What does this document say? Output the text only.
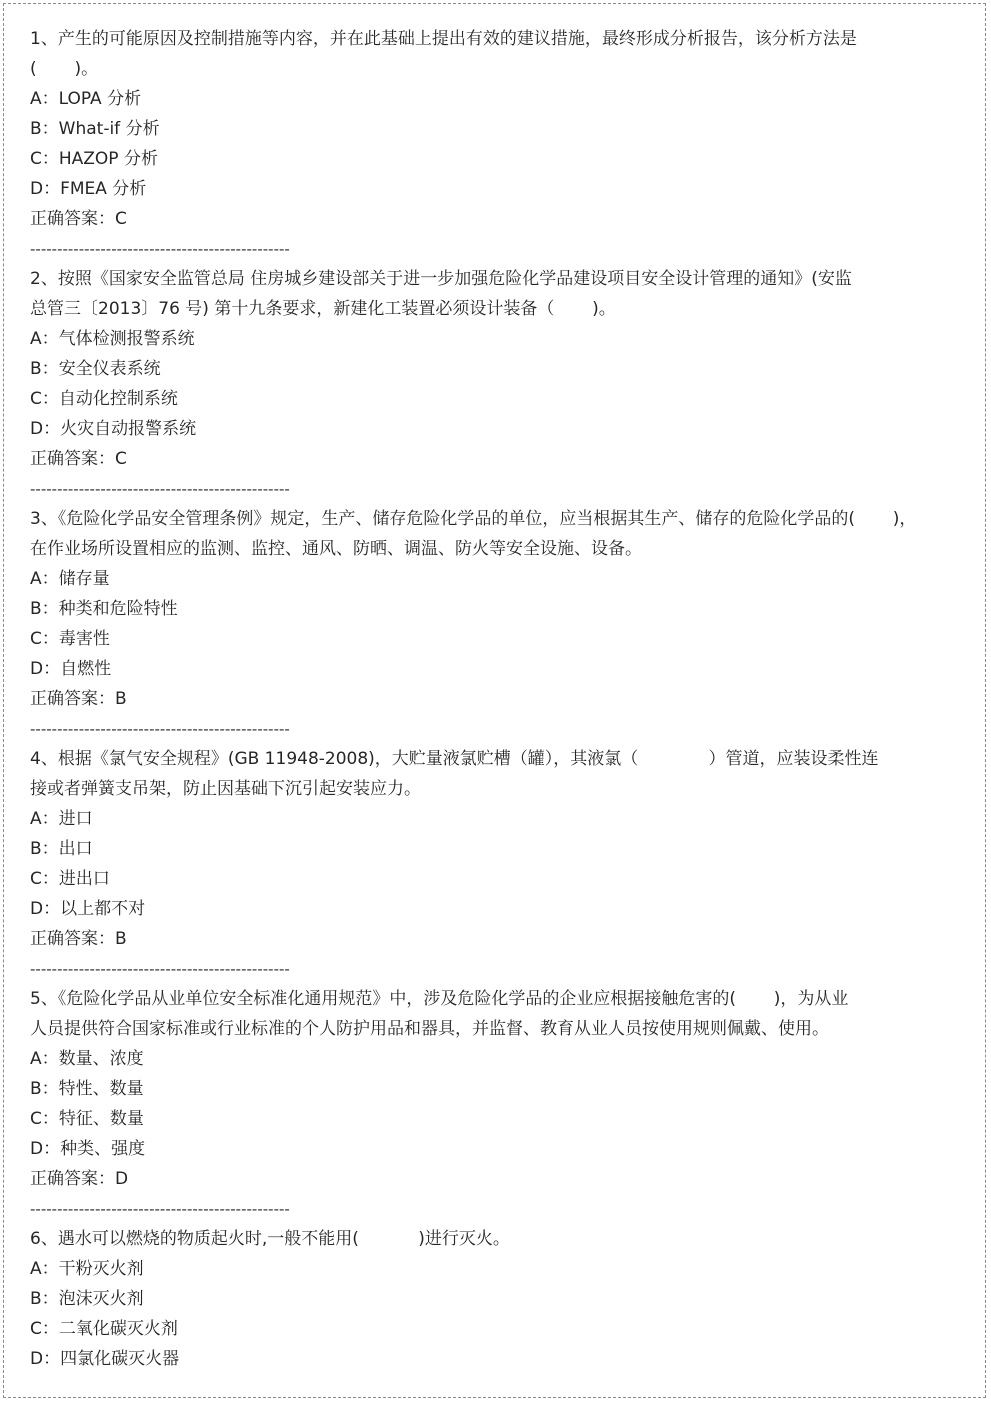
1、产生的可能原因及控制措施等内容，并在此基础上提出有效的建议措施，最终形成分析报告，该分析方法是
(       )。
A：LOPA 分析
B：What-if 分析
C：HAZOP 分析
D：FMEA 分析
正确答案：C
------------------------------------------------
2、按照《国家安全监管总局 住房城乡建设部关于进一步加强危险化学品建设项目安全设计管理的通知》(安监
总管三〔2013〕76 号) 第十九条要求，新建化工装置必须设计装备（       )。
A：气体检测报警系统
B：安全仪表系统
C：自动化控制系统
D：火灾自动报警系统
正确答案：C
------------------------------------------------
3、《危险化学品安全管理条例》规定，生产、储存危险化学品的单位，应当根据其生产、储存的危险化学品的(       )，
在作业场所设置相应的监测、监控、通风、防晒、调温、防火等安全设施、设备。
A：储存量
B：种类和危险特性
C：毒害性
D：自燃性
正确答案：B
------------------------------------------------
4、根据《氯气安全规程》(GB 11948-2008)，大贮量液氯贮槽（罐），其液氯（             ）管道，应装设柔性连
接或者弹簧支吊架，防止因基础下沉引起安装应力。
A：进口
B：出口
C：进出口
D：以上都不对
正确答案：B
------------------------------------------------
5、《危险化学品从业单位安全标准化通用规范》中，涉及危险化学品的企业应根据接触危害的(       )，为从业
人员提供符合国家标准或行业标准的个人防护用品和器具，并监督、教育从业人员按使用规则佩戴、使用。
A：数量、浓度
B：特性、数量
C：特征、数量
D：种类、强度
正确答案：D
------------------------------------------------
6、遇水可以燃烧的物质起火时,一般不能用(           )进行灭火。
A：干粉灭火剂
B：泡沫灭火剂
C：二氧化碳灭火剂
D：四氯化碳灭火器
